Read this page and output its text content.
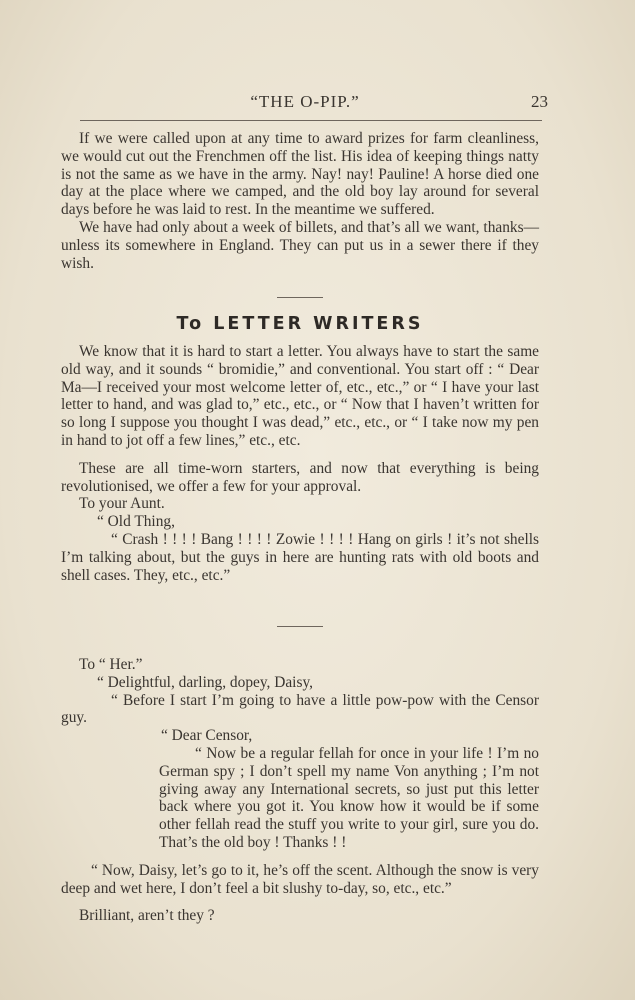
“THE O-PIP.”	23

If we were called upon at any time to award prizes for farm cleanliness, we would cut out the Frenchmen off the list. His idea of keeping things natty is not the same as we have in the army. Nay! nay! Pauline! A horse died one day at the place where we camped, and the old boy lay around for several days before he was laid to rest. In the meantime we suffered.

We have had only about a week of billets, and that’s all we want, thanks—unless its somewhere in England. They can put us in a sewer there if they wish.

To LETTER WRITERS

We know that it is hard to start a letter. You always have to start the same old way, and it sounds “ bromidie,” and conventional. You start off : “ Dear Ma—I received your most welcome letter of, etc., etc.,” or “ I have your last letter to hand, and was glad to,” etc., etc., or “ Now that I haven’t written for so long I suppose you thought I was dead,” etc., etc., or “ I take now my pen in hand to jot off a few lines,” etc., etc.

These are all time-worn starters, and now that everything is being revolutionised, we offer a few for your approval.

To your Aunt.

“ Old Thing,

“ Crash ! ! ! ! Bang ! ! ! ! Zowie ! ! ! ! Hang on girls ! it’s not shells I’m talking about, but the guys in here are hunting rats with old boots and shell cases. They, etc., etc.”

To “ Her.”

“ Delightful, darling, dopey, Daisy,

“ Before I start I’m going to have a little pow-pow with the Censor guy.

“ Dear Censor,

“ Now be a regular fellah for once in your life ! I’m no German spy ; I don’t spell my name Von anything ; I’m not giving away any International secrets, so just put this letter back where you got it. You know how it would be if some other fellah read the stuff you write to your girl, sure you do. That’s the old boy ! Thanks ! !

“ Now, Daisy, let’s go to it, he’s off the scent. Although the snow is very deep and wet here, I don’t feel a bit slushy to-day, so, etc., etc.”

Brilliant, aren’t they ?
